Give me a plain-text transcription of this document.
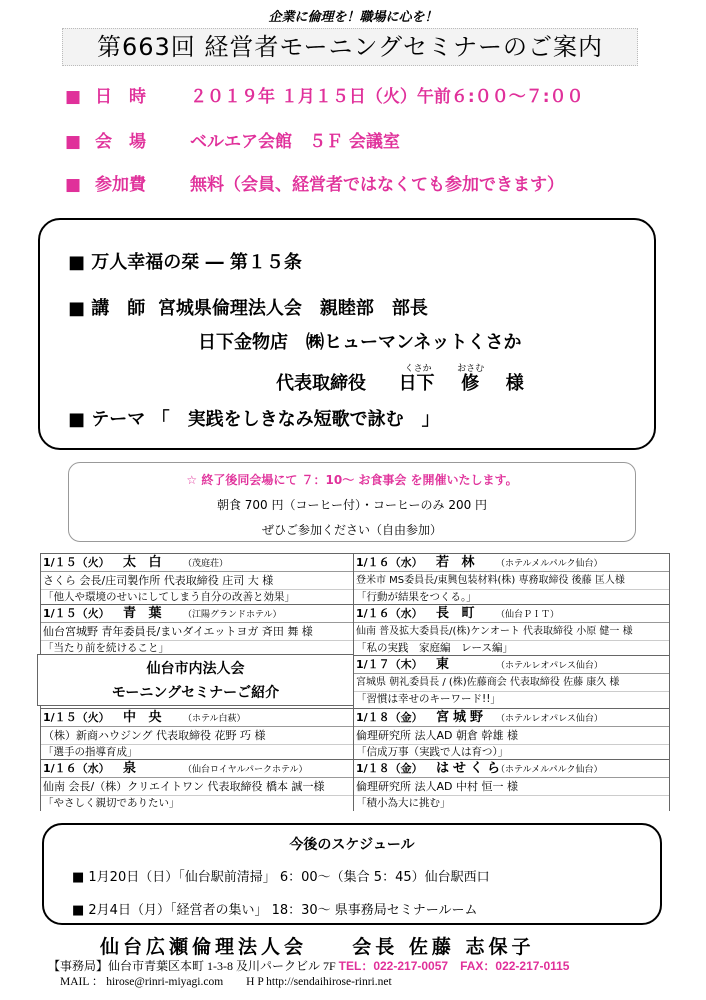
企業に倫理を！職場に心を！
第663回 経営者モーニングセミナーのご案内
■ 日　時	２０１９年 １月１５日（火）午前６:００～７:００
■ 会　場	ベルエア会館　５Ｆ 会議室
■ 参加費	無料（会員、経営者ではなくても参加できます）
■ 万人幸福の栞 ― 第１５条
■ 講　師 宮城県倫理法人会　親睦部　部長
日下金物店　㈱ヒューマンネットくさか
代表取締役
くさか
日下
おさむ
修 様
■ テーマ 「　実践をしきなみ短歌で詠む　」
☆ 終了後同会場にて ７：10～ お食事会 を開催いたします。
朝食 700 円（コーヒー付）・コーヒーのみ 200 円
ぜひご参加ください（自由参加）
1/１５（火） 太 白 （茂庭荘）
さくら 会長/庄司製作所 代表取締役 庄司 大 様
「他人や環境のせいにしてしまう自分の改善と効果」
1/１５（火） 青 葉 （江陽グランドホテル）
仙台宮城野 青年委員長/まいダイエットヨガ 斉田 舞 様
「当たり前を続けること」
1/１５（火） 中 央 （ホテル白萩）
（株）新商ハウジング 代表取締役 花野 巧 様
「選手の指導育成」
1/１６（水） 泉	（仙台ロイヤルパークホテル）
仙南 会長/（株）クリエイトワン 代表取締役 橋本 誠一様
「やさしく親切でありたい」
1/１６（水） 若 林 （ホテルメルパルク仙台）
登米市 MS委員長/東興包装材料(株) 専務取締役 後藤 匡人様
「行動が結果をつくる。」
1/１６（水） 長 町 （仙台ＰＩＴ）
仙南 普及拡大委員長/(株)ケンオート 代表取締役 小原 健一 様
「私の実践　家庭編　レース編」
1/１７（木） 東	（ホテルレオパレス仙台）
宮城県 朝礼委員長 / (株)佐藤商会 代表取締役 佐藤 康久 様
「習慣は幸せのキーワード!!」
1/１８（金） 宮城野 （ホテルレオパレス仙台）
倫理研究所 法人AD 朝倉 幹雄 様
「信成万事（実践で人は育つ）」
1/１８（金） はせくら（ホテルメルパルク仙台）
倫理研究所 法人AD 中村 恒一 様
「積小為大に挑む」
仙台市内法人会
モーニングセミナーご紹介
今後のスケジュール
■ 1月20日（日）「仙台駅前清掃」 6：00～（集合 5：45）仙台駅西口
■ 2月4日（月）「経営者の集い」 18：30～ 県事務局セミナールーム
仙台広瀬倫理法人会 会長 佐藤 志保子
【事務局】仙台市青葉区本町 1-3-8 及川パークビル 7F TEL：022-217-0057　FAX：022-217-0115
MAIL ： hirose@rinri-miyagi.com　　H P http://sendaihirose-rinri.net
